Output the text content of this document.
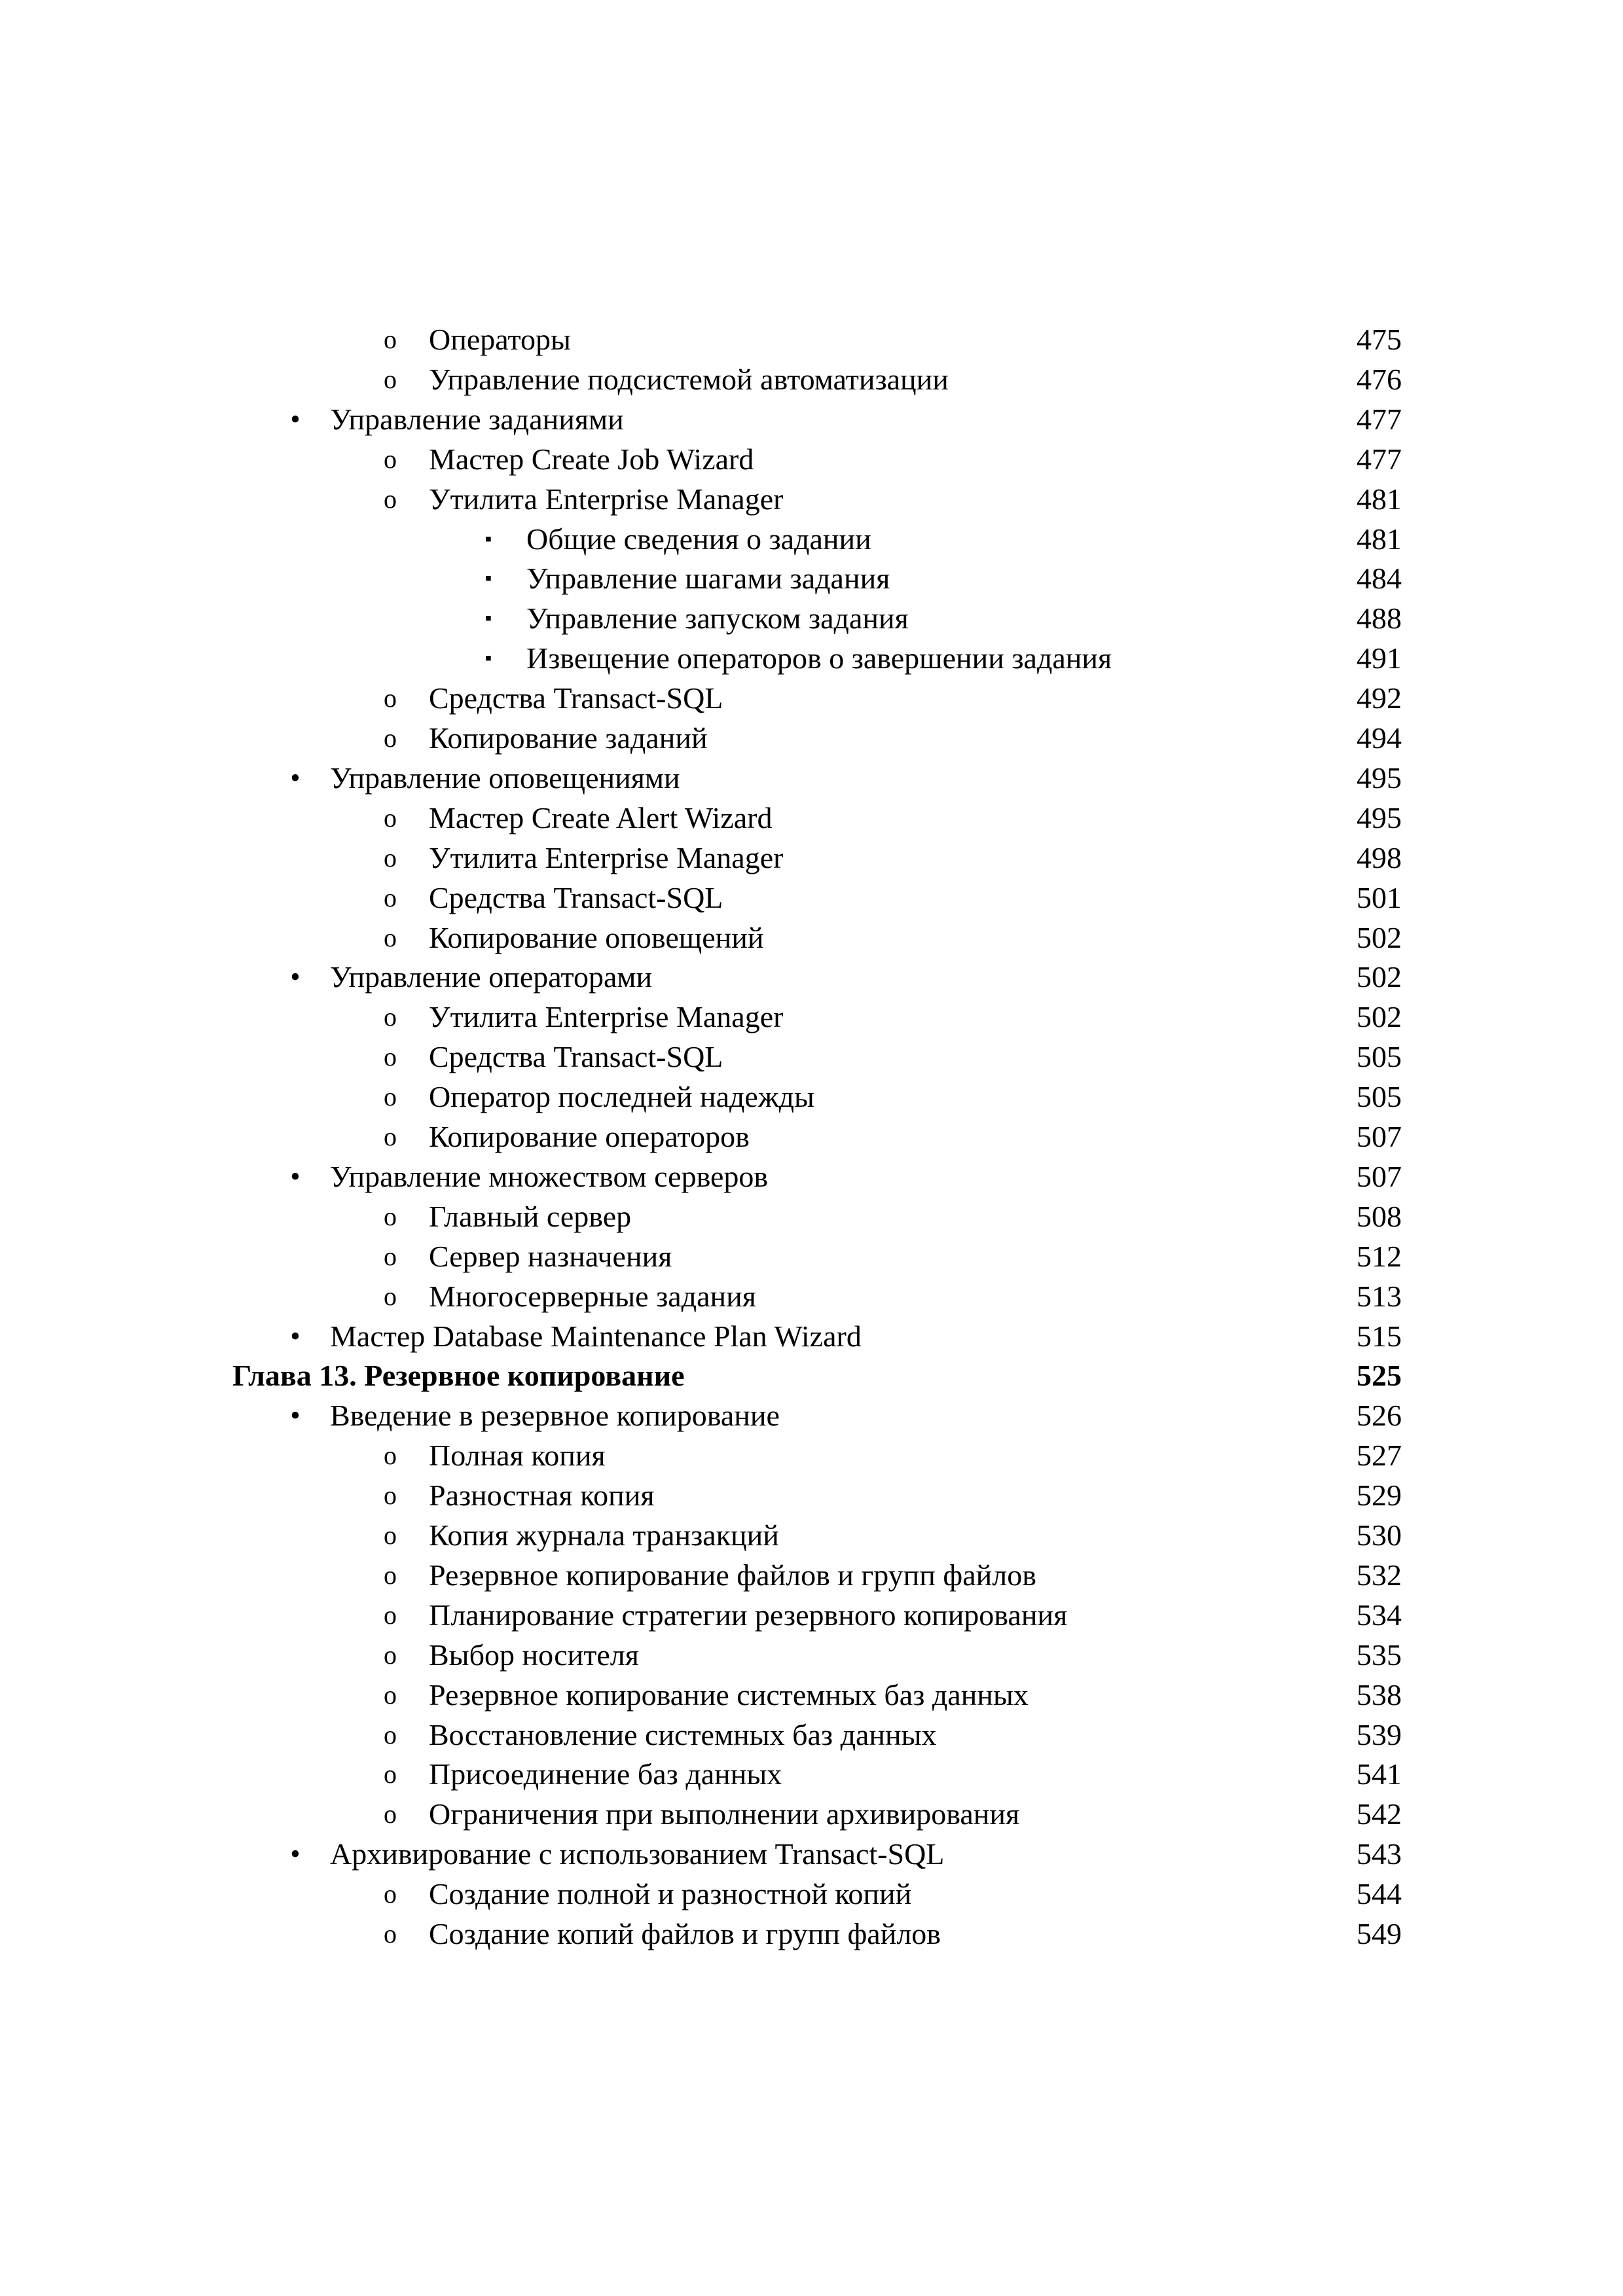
o Операторы	475
o Управление подсистемой автоматизации	476
• Управление заданиями	477
o Мастер Create Job Wizard	477
o Утилита Enterprise Manager	481
▪	Общие сведения о задании	481
▪	Управление шагами задания	484
▪	Управление запуском задания	488
▪	Извещение операторов о завершении задания	491
o Средства Transact-SQL	492
o Копирование заданий	494
• Управление оповещениями	495
o Мастер Create Alert Wizard	495
o Утилита Enterprise Manager	498
o Средства Transact-SQL	501
o Копирование оповещений	502
• Управление операторами	502
o Утилита Enterprise Manager	502
o Средства Transact-SQL	505
o Оператор последней надежды	505
o Копирование операторов	507
• Управление множеством серверов	507
o Главный сервер	508
o Сервер назначения	512
o Многосерверные задания	513
• Мастер Database Maintenance Plan Wizard	515
Глава 13. Резервное копирование	525
• Введение в резервное копирование	526
o Полная копия	527
o Разностная копия	529
o Копия журнала транзакций	530
o Резервное копирование файлов и групп файлов	532
o Планирование стратегии резервного копирования	534
o Выбор носителя	535
o Резервное копирование системных баз данных	538
o Восстановление системных баз данных	539
o Присоединение баз данных	541
o Ограничения при выполнении архивирования	542
• Архивирование с использованием Transact-SQL	543
o Создание полной и разностной копий	544
o Создание копий файлов и групп файлов	549
